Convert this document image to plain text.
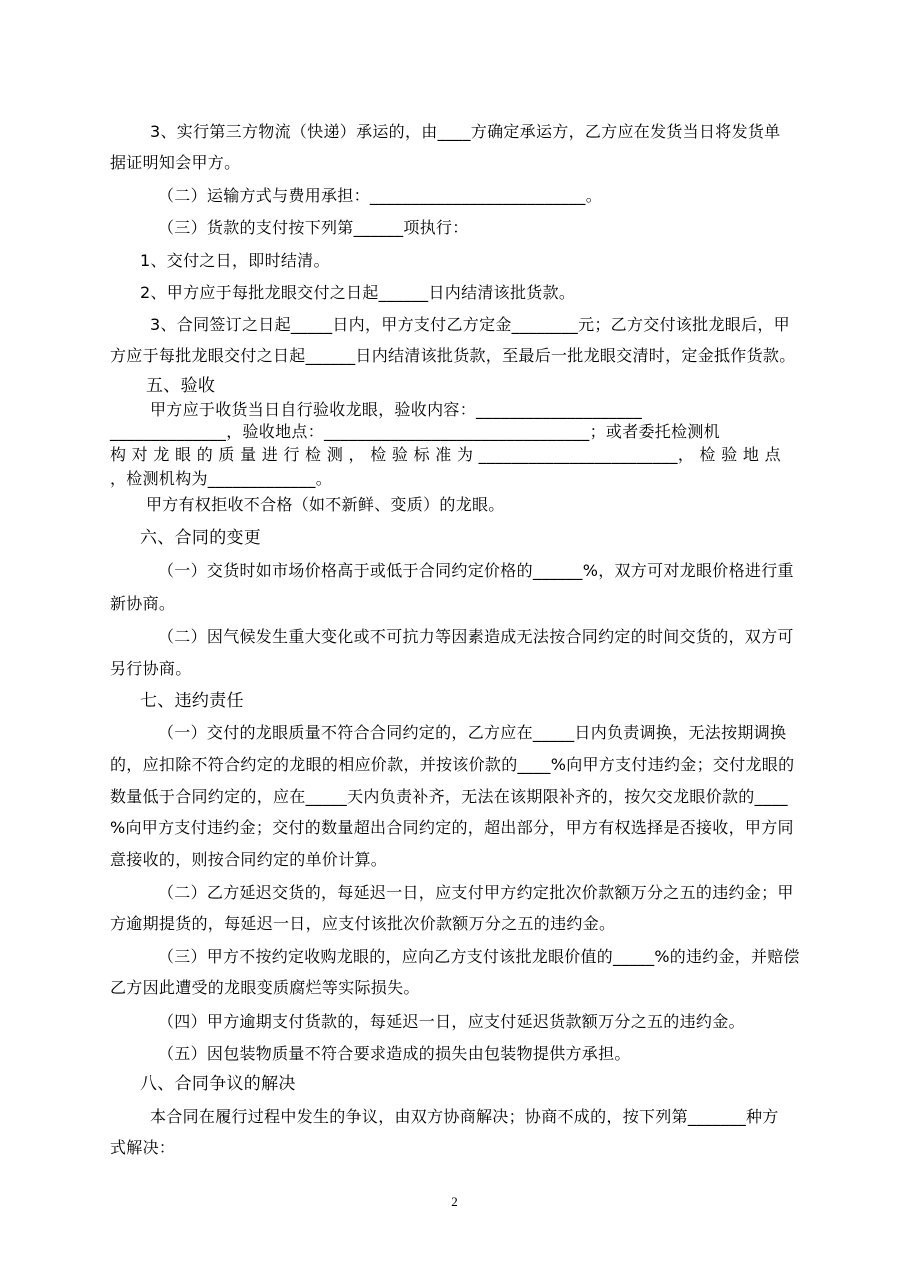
3、实行第三方物流（快递）承运的，由____方确定承运方，乙方应在发货当日将发货单
据证明知会甲方。
（二）运输方式与费用承担：__________________________。
（三）货款的支付按下列第______项执行：
1、交付之日，即时结清。
2、甲方应于每批龙眼交付之日起______日内结清该批货款。
3、合同签订之日起_____日内，甲方支付乙方定金________元；乙方交付该批龙眼后，甲
方应于每批龙眼交付之日起______日内结清该批货款，至最后一批龙眼交清时，定金抵作货款。
五、验收
甲方应于收货当日自行验收龙眼，验收内容：____________________
______________，验收地点：________________________________；或者委托检测机
构 对 龙 眼 的 质 量 进 行 检 测 ， 检 验 标 准 为 ________________________， 检 验 地 点
，检测机构为_____________。
甲方有权拒收不合格（如不新鲜、变质）的龙眼。
六、合同的变更
（一）交货时如市场价格高于或低于合同约定价格的______%，双方可对龙眼价格进行重
新协商。
（二）因气候发生重大变化或不可抗力等因素造成无法按合同约定的时间交货的，双方可
另行协商。
七、违约责任
（一）交付的龙眼质量不符合合同约定的，乙方应在_____日内负责调换，无法按期调换
的，应扣除不符合约定的龙眼的相应价款，并按该价款的____%向甲方支付违约金；交付龙眼的
数量低于合同约定的，应在_____天内负责补齐，无法在该期限补齐的，按欠交龙眼价款的____
%向甲方支付违约金；交付的数量超出合同约定的，超出部分，甲方有权选择是否接收，甲方同
意接收的，则按合同约定的单价计算。
（二）乙方延迟交货的，每延迟一日，应支付甲方约定批次价款额万分之五的违约金；甲
方逾期提货的，每延迟一日，应支付该批次价款额万分之五的违约金。
（三）甲方不按约定收购龙眼的，应向乙方支付该批龙眼价值的_____%的违约金，并赔偿
乙方因此遭受的龙眼变质腐烂等实际损失。
（四）甲方逾期支付货款的，每延迟一日，应支付延迟货款额万分之五的违约金。
（五）因包装物质量不符合要求造成的损失由包装物提供方承担。
八、合同争议的解决
本合同在履行过程中发生的争议，由双方协商解决；协商不成的，按下列第_______种方
式解决：
2
